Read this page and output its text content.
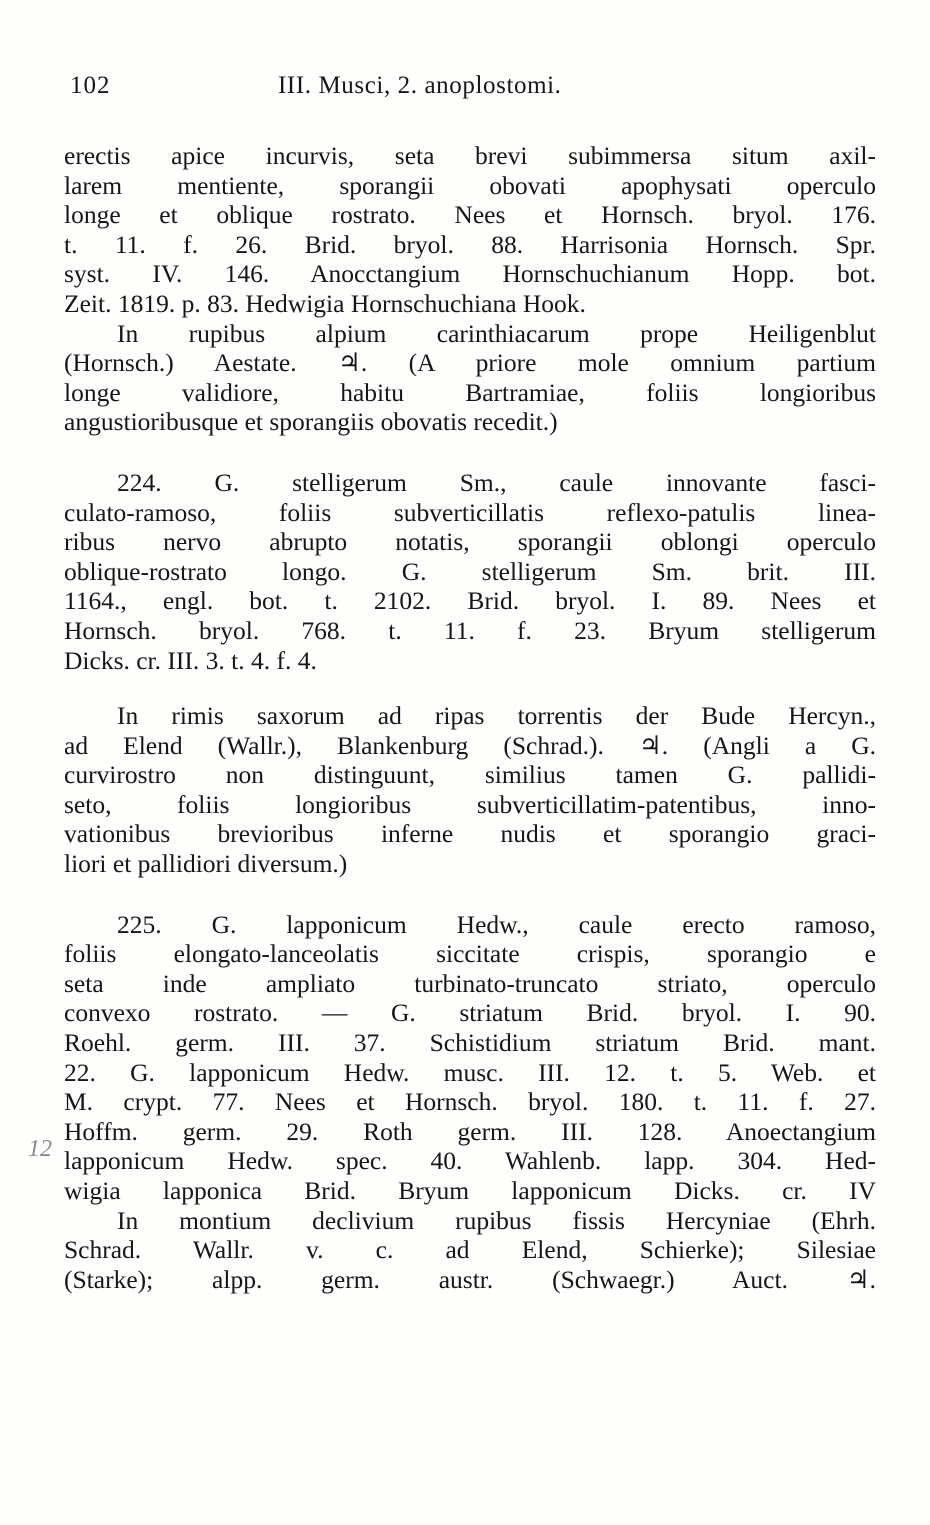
102	III. Musci, 2. anoplostomi.
erectis apice incurvis, seta brevi subimmersa situm axil-
larem mentiente, sporangii obovati apophysati operculo
longe et oblique rostrato. Nees et Hornsch. bryol. 176.
t. 11. f. 26. Brid. bryol. 88. Harrisonia Hornsch. Spr.
syst. IV. 146. Anocctangium Hornschuchianum Hopp. bot.
Zeit. 1819. p. 83. Hedwigia Hornschuchiana Hook.
In rupibus alpium carinthiacarum prope Heiligenblut
(Hornsch.) Aestate. ♃. (A priore mole omnium partium
longe validiore, habitu Bartramiae, foliis longioribus
angustioribusque et sporangiis obovatis recedit.)
224. G. stelligerum Sm., caule innovante fasci-
culato-ramoso, foliis subverticillatis reflexo-patulis linea-
ribus nervo abrupto notatis, sporangii oblongi operculo
oblique-rostrato longo. G. stelligerum Sm. brit. III.
1164., engl. bot. t. 2102. Brid. bryol. I. 89. Nees et
Hornsch. bryol. 768. t. 11. f. 23. Bryum stelligerum
Dicks. cr. III. 3. t. 4. f. 4.
In rimis saxorum ad ripas torrentis der Bude Hercyn.,
ad Elend (Wallr.), Blankenburg (Schrad.). ♃. (Angli a G.
curvirostro non distinguunt, similius tamen G. pallidi-
seto, foliis longioribus subverticillatim-patentibus, inno-
vationibus brevioribus inferne nudis et sporangio graci-
liori et pallidiori diversum.)
225. G. lapponicum Hedw., caule erecto ramoso,
foliis elongato-lanceolatis siccitate crispis, sporangio e
seta inde ampliato turbinato-truncato striato, operculo
convexo rostrato. — G. striatum Brid. bryol. I. 90.
Roehl. germ. III. 37. Schistidium striatum Brid. mant.
22. G. lapponicum Hedw. musc. III. 12. t. 5. Web. et
M. crypt. 77. Nees et Hornsch. bryol. 180. t. 11. f. 27.
Hoffm. germ. 29. Roth germ. III. 128. Anoectangium
lapponicum Hedw. spec. 40. Wahlenb. lapp. 304. Hed-
wigia lapponica Brid. Bryum lapponicum Dicks. cr. IV
In montium declivium rupibus fissis Hercyniae (Ehrh.
Schrad. Wallr. v. c. ad Elend, Schierke); Silesiae
(Starke); alpp. germ. austr. (Schwaegr.) Auct. ♃.
12
